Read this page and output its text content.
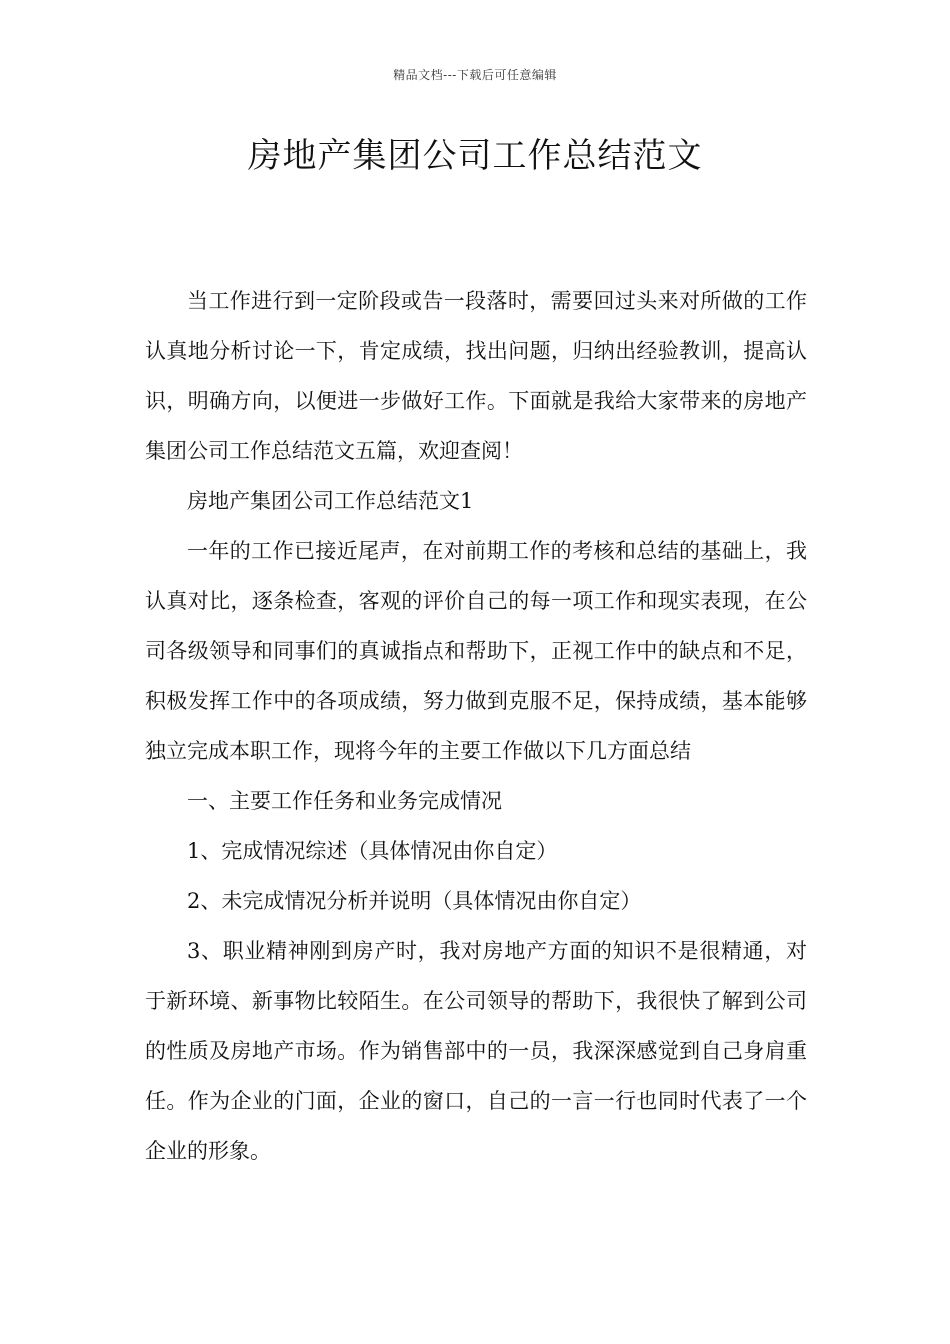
精品文档---下载后可任意编辑
房地产集团公司工作总结范文

当工作进行到一定阶段或告一段落时，需要回过头来对所做的工作认真地分析讨论一下，肯定成绩，找出问题，归纳出经验教训，提高认识，明确方向，以便进一步做好工作。下面就是我给大家带来的房地产集团公司工作总结范文五篇，欢迎查阅！

房地产集团公司工作总结范文1

一年的工作已接近尾声，在对前期工作的考核和总结的基础上，我认真对比，逐条检查，客观的评价自己的每一项工作和现实表现，在公司各级领导和同事们的真诚指点和帮助下，正视工作中的缺点和不足，积极发挥工作中的各项成绩，努力做到克服不足，保持成绩，基本能够独立完成本职工作，现将今年的主要工作做以下几方面总结

一、主要工作任务和业务完成情况

1、完成情况综述（具体情况由你自定）

2、未完成情况分析并说明（具体情况由你自定）

3、职业精神刚到房产时，我对房地产方面的知识不是很精通，对于新环境、新事物比较陌生。在公司领导的帮助下，我很快了解到公司的性质及房地产市场。作为销售部中的一员，我深深感觉到自己身肩重任。作为企业的门面，企业的窗口，自己的一言一行也同时代表了一个企业的形象。
